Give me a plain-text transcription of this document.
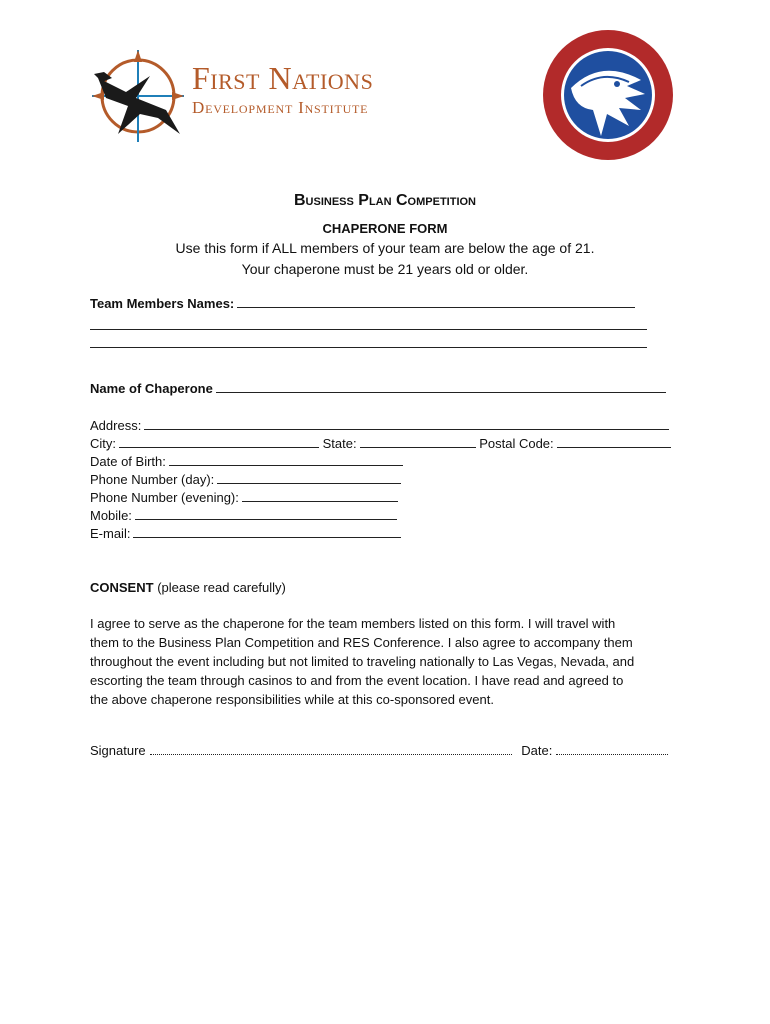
First Nations
Development Institute
Business Plan Competition
CHAPERONE FORM
Use this form if ALL members of your team are below the age of 21.
Your chaperone must be 21 years old or older.
Team Members Names:
Name of Chaperone
Address:
City:	State:	Postal Code:
Date of Birth:
Phone Number (day):
Phone Number (evening):
Mobile:
E-mail:
CONSENT (please read carefully)
I agree to serve as the chaperone for the team members listed on this form. I will travel with
them to the Business Plan Competition and RES Conference. I also agree to accompany them
throughout the event including but not limited to traveling nationally to Las Vegas, Nevada, and
escorting the team through casinos to and from the event location. I have read and agreed to
the above chaperone responsibilities while at this co-sponsored event.
Signature	Date:
